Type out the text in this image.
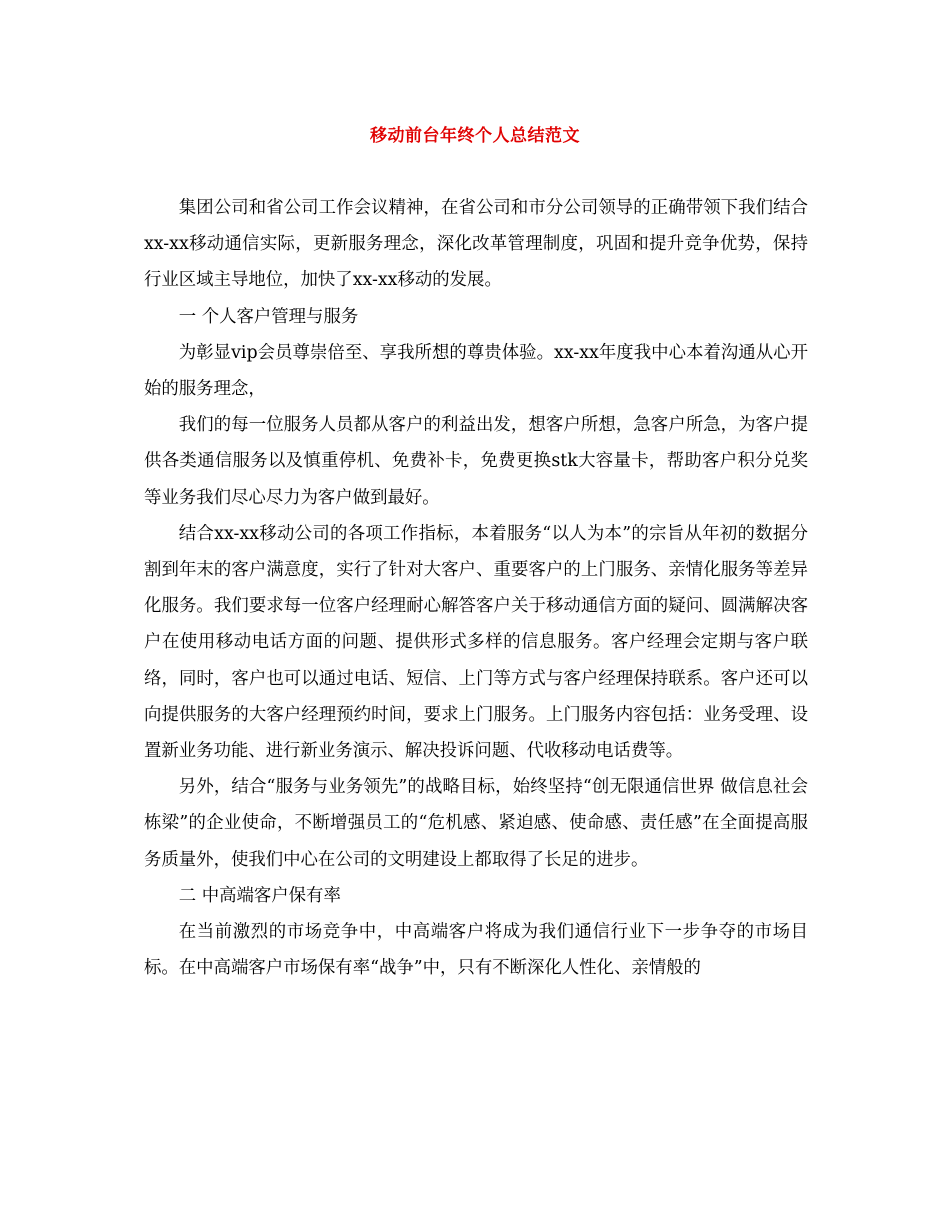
移动前台年终个人总结范文

集团公司和省公司工作会议精神，在省公司和市分公司领导的正确带领下我们结合xx-xx移动通信实际，更新服务理念，深化改革管理制度，巩固和提升竞争优势，保持行业区域主导地位，加快了xx-xx移动的发展。

一 个人客户管理与服务

为彰显vip会员尊崇倍至、享我所想的尊贵体验。xx-xx年度我中心本着沟通从心开始的服务理念，

我们的每一位服务人员都从客户的利益出发，想客户所想，急客户所急，为客户提供各类通信服务以及慎重停机、免费补卡，免费更换stk大容量卡，帮助客户积分兑奖等业务我们尽心尽力为客户做到最好。

结合xx-xx移动公司的各项工作指标，本着服务“以人为本”的宗旨从年初的数据分割到年末的客户满意度，实行了针对大客户、重要客户的上门服务、亲情化服务等差异化服务。我们要求每一位客户经理耐心解答客户关于移动通信方面的疑问、圆满解决客户在使用移动电话方面的问题、提供形式多样的信息服务。客户经理会定期与客户联络，同时，客户也可以通过电话、短信、上门等方式与客户经理保持联系。客户还可以向提供服务的大客户经理预约时间，要求上门服务。上门服务内容包括：业务受理、设置新业务功能、进行新业务演示、解决投诉问题、代收移动电话费等。

另外，结合“服务与业务领先”的战略目标，始终坚持“创无限通信世界 做信息社会栋梁”的企业使命，不断增强员工的“危机感、紧迫感、使命感、责任感”在全面提高服务质量外，使我们中心在公司的文明建设上都取得了长足的进步。

二 中高端客户保有率

在当前激烈的市场竞争中，中高端客户将成为我们通信行业下一步争夺的市场目标。在中高端客户市场保有率“战争”中，只有不断深化人性化、亲情般的
